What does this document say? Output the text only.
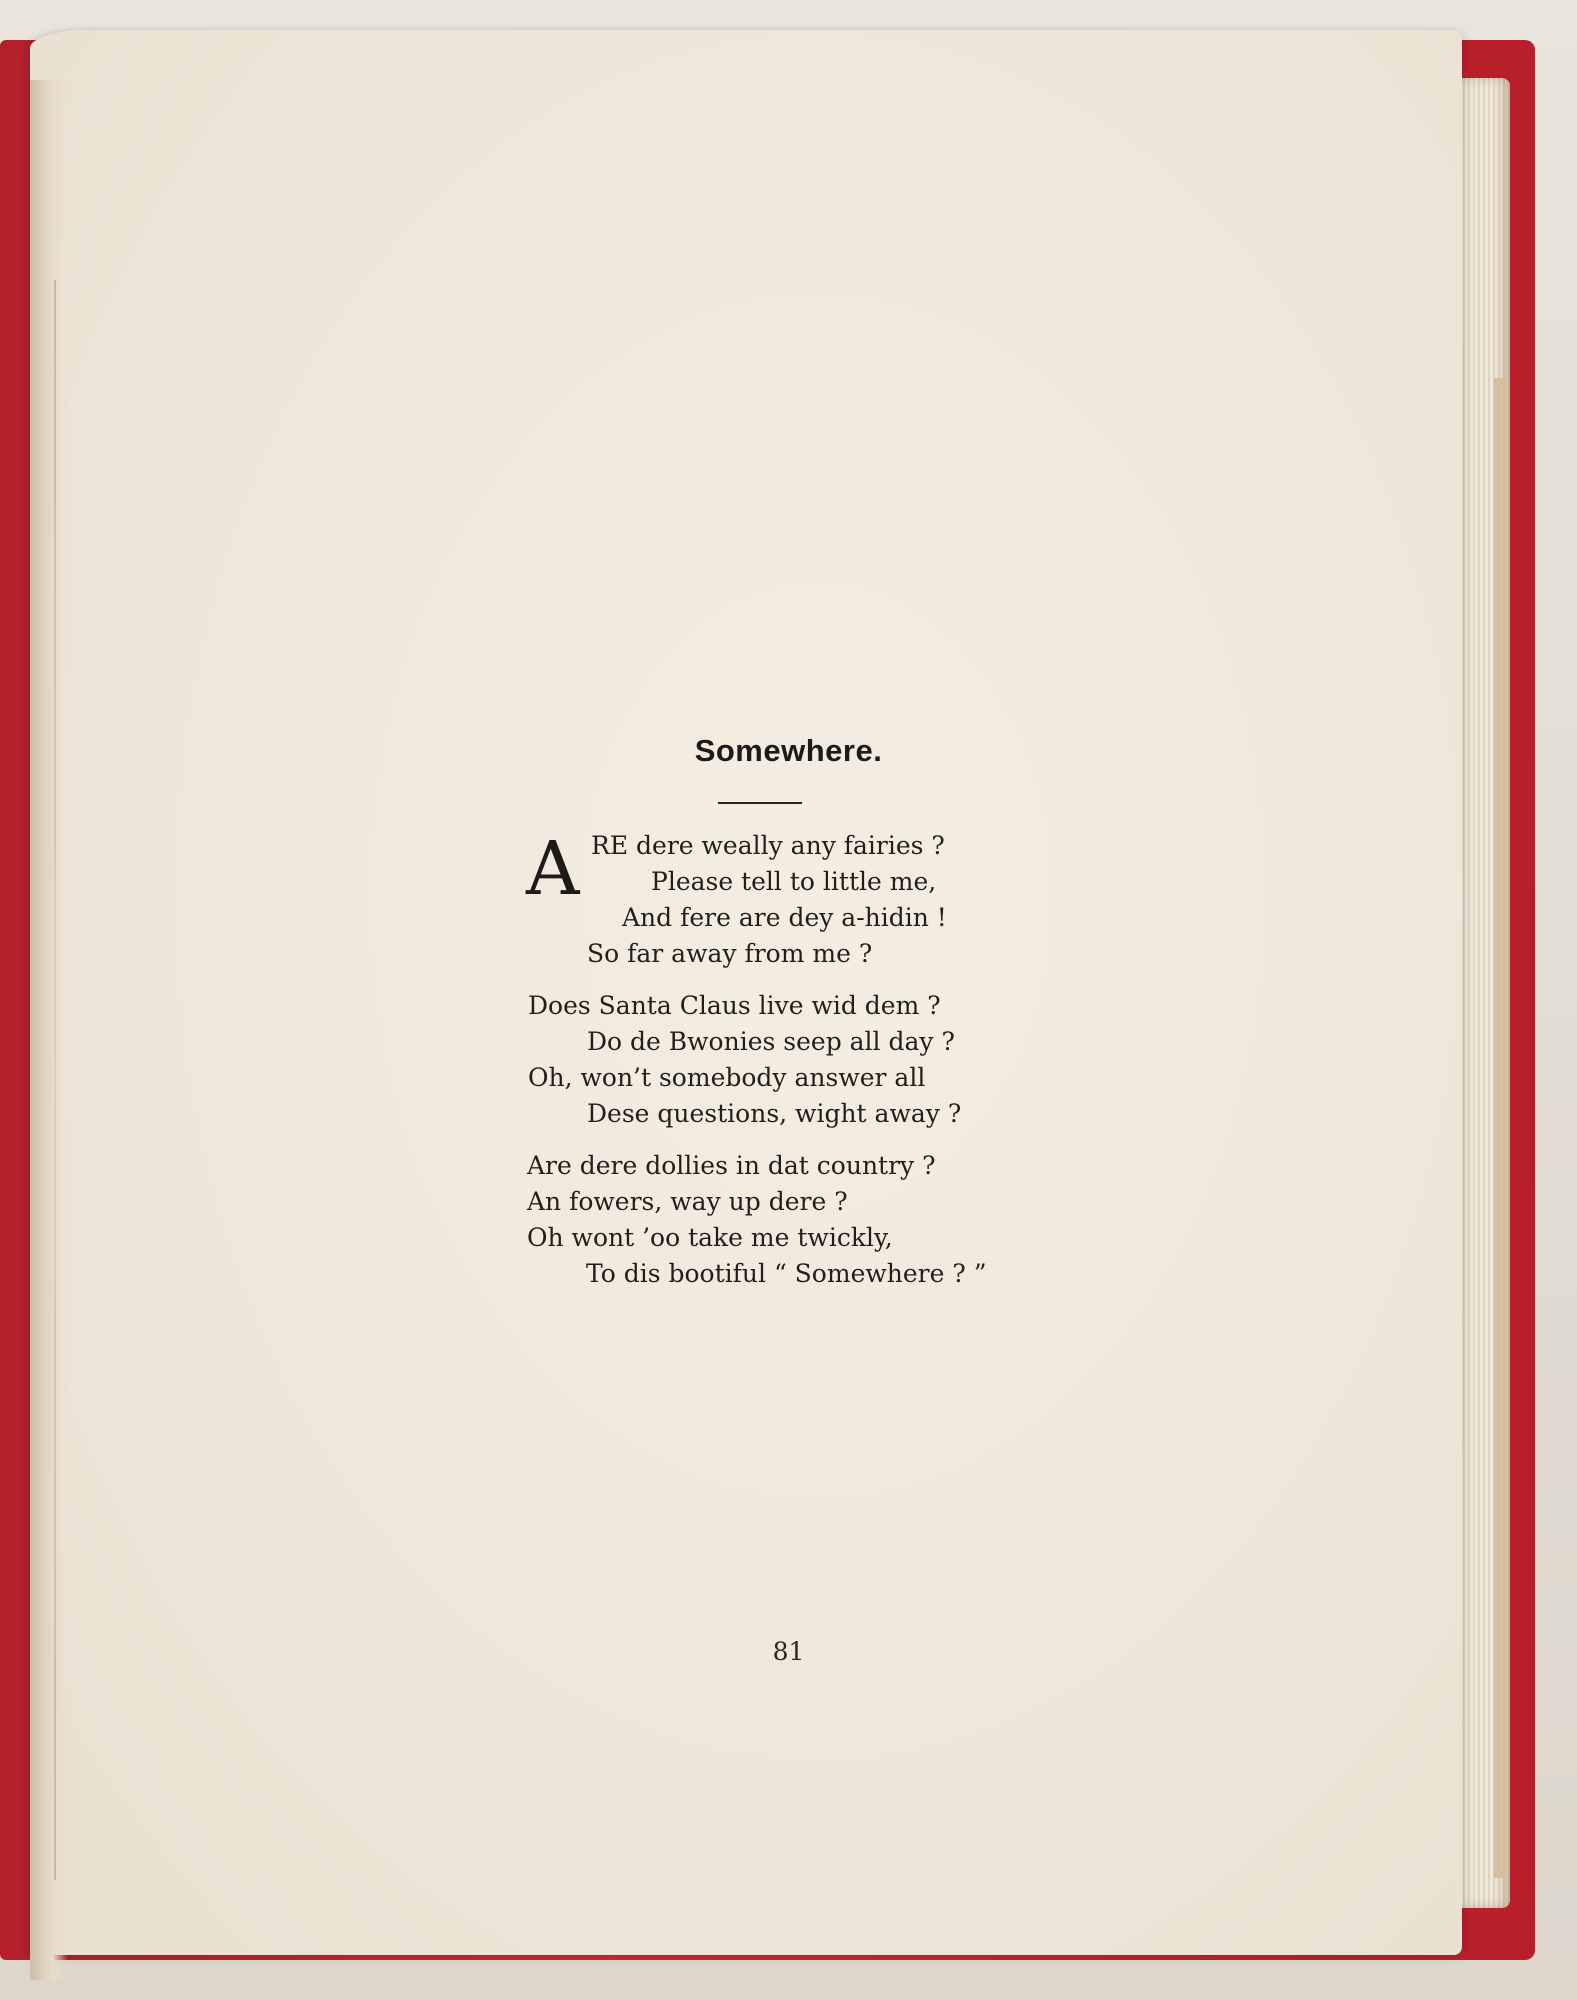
Somewhere.
A RE dere weally any fairies ?
Please tell to little me,
And fere are dey a-hidin !
So far away from me ?
Does Santa Claus live wid dem ?
Do de Bwonies seep all day ?
Oh, won’t somebody answer all
Dese questions, wight away ?
Are dere dollies in dat country ?
An fowers, way up dere ?
Oh wont ’oo take me twickly,
To dis bootiful “ Somewhere ? ”
81
